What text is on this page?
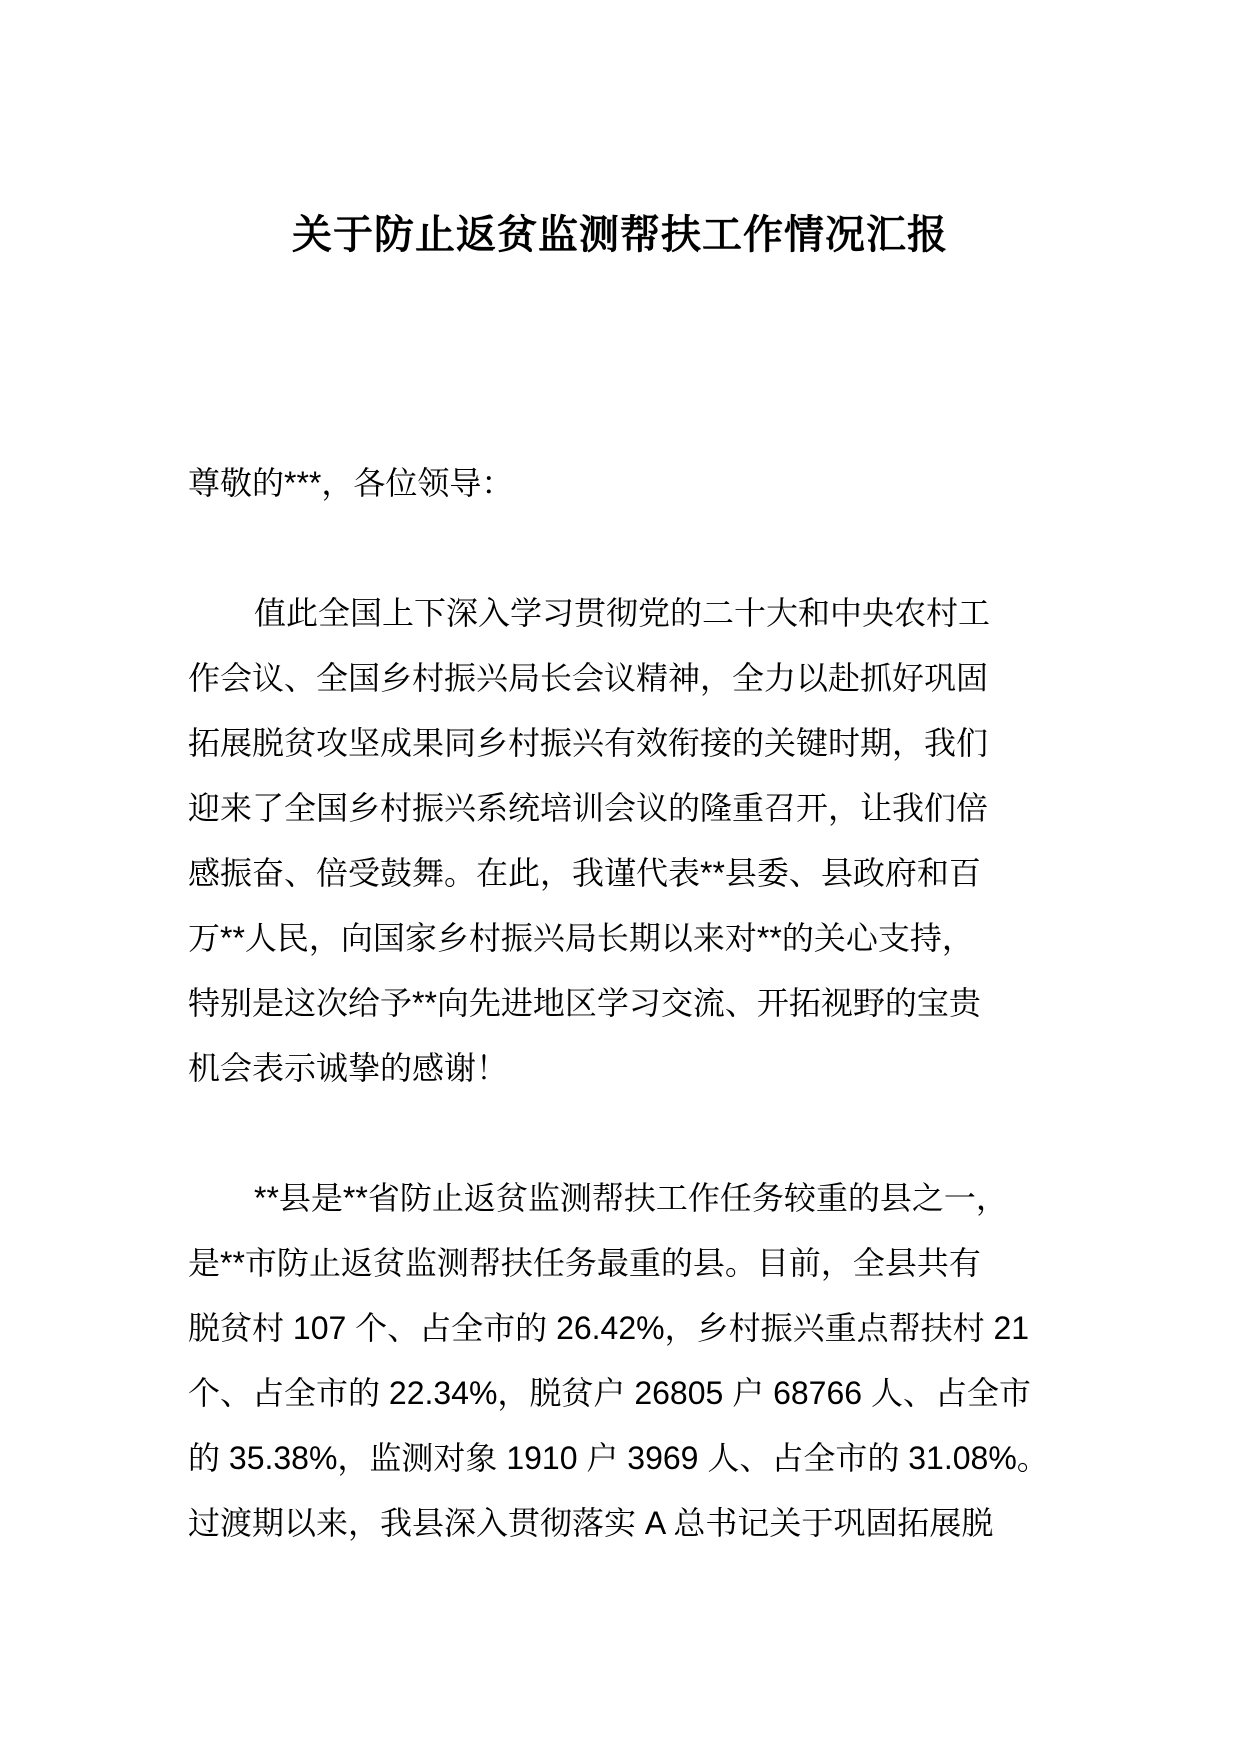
关于防止返贫监测帮扶工作情况汇报
尊敬的***，各位领导：
值此全国上下深入学习贯彻党的二十大和中央农村工
作会议、全国乡村振兴局长会议精神，全力以赴抓好巩固
拓展脱贫攻坚成果同乡村振兴有效衔接的关键时期，我们
迎来了全国乡村振兴系统培训会议的隆重召开，让我们倍
感振奋、倍受鼓舞。在此，我谨代表**县委、县政府和百
万**人民，向国家乡村振兴局长期以来对**的关心支持，
特别是这次给予**向先进地区学习交流、开拓视野的宝贵
机会表示诚挚的感谢！
**县是**省防止返贫监测帮扶工作任务较重的县之一，
是**市防止返贫监测帮扶任务最重的县。目前，全县共有
脱贫村 107 个、占全市的 26.42%，乡村振兴重点帮扶村 21
个、占全市的 22.34%，脱贫户 26805 户 68766 人、占全市
的 35.38%，监测对象 1910 户 3969 人、占全市的 31.08%。
过渡期以来，我县深入贯彻落实 A 总书记关于巩固拓展脱
